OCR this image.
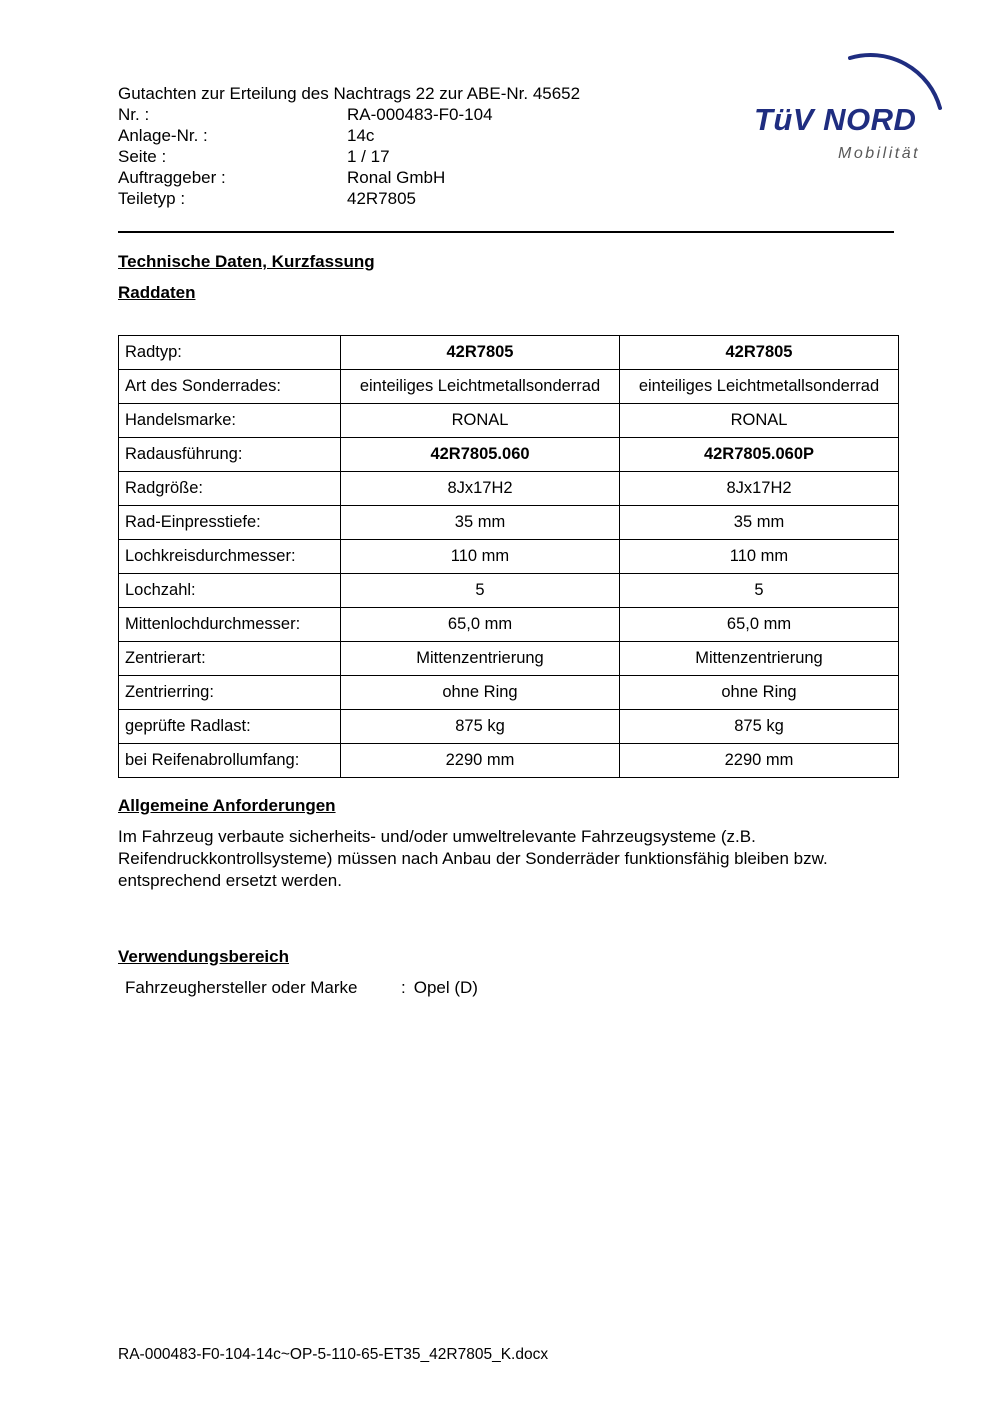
Gutachten zur Erteilung des Nachtrags 22 zur ABE-Nr. 45652
Nr. :	RA-000483-F0-104
Anlage-Nr. :	14c
Seite :	1 / 17
Auftraggeber :	Ronal GmbH
Teiletyp :	42R7805
TüV NORD
Mobilität
Technische Daten, Kurzfassung
Raddaten
Radtyp:	42R7805	42R7805
Art des Sonderrades:	einteiliges Leichtmetallsonderrad	einteiliges Leichtmetallsonderrad
Handelsmarke:	RONAL	RONAL
Radausführung:	42R7805.060	42R7805.060P
Radgröße:	8Jx17H2	8Jx17H2
Rad-Einpresstiefe:	35 mm	35 mm
Lochkreisdurchmesser:	110 mm	110 mm
Lochzahl:	5	5
Mittenlochdurchmesser:	65,0 mm	65,0 mm
Zentrierart:	Mittenzentrierung	Mittenzentrierung
Zentrierring:	ohne Ring	ohne Ring
geprüfte Radlast:	875 kg	875 kg
bei Reifenabrollumfang:	2290 mm	2290 mm
Allgemeine Anforderungen
Im Fahrzeug verbaute sicherheits- und/oder umweltrelevante Fahrzeugsysteme (z.B. Reifendruckkontrollsysteme) müssen nach Anbau der Sonderräder funktionsfähig bleiben bzw. entsprechend ersetzt werden.
Verwendungsbereich
Fahrzeughersteller oder Marke	: Opel (D)
RA-000483-F0-104-14c~OP-5-110-65-ET35_42R7805_K.docx
